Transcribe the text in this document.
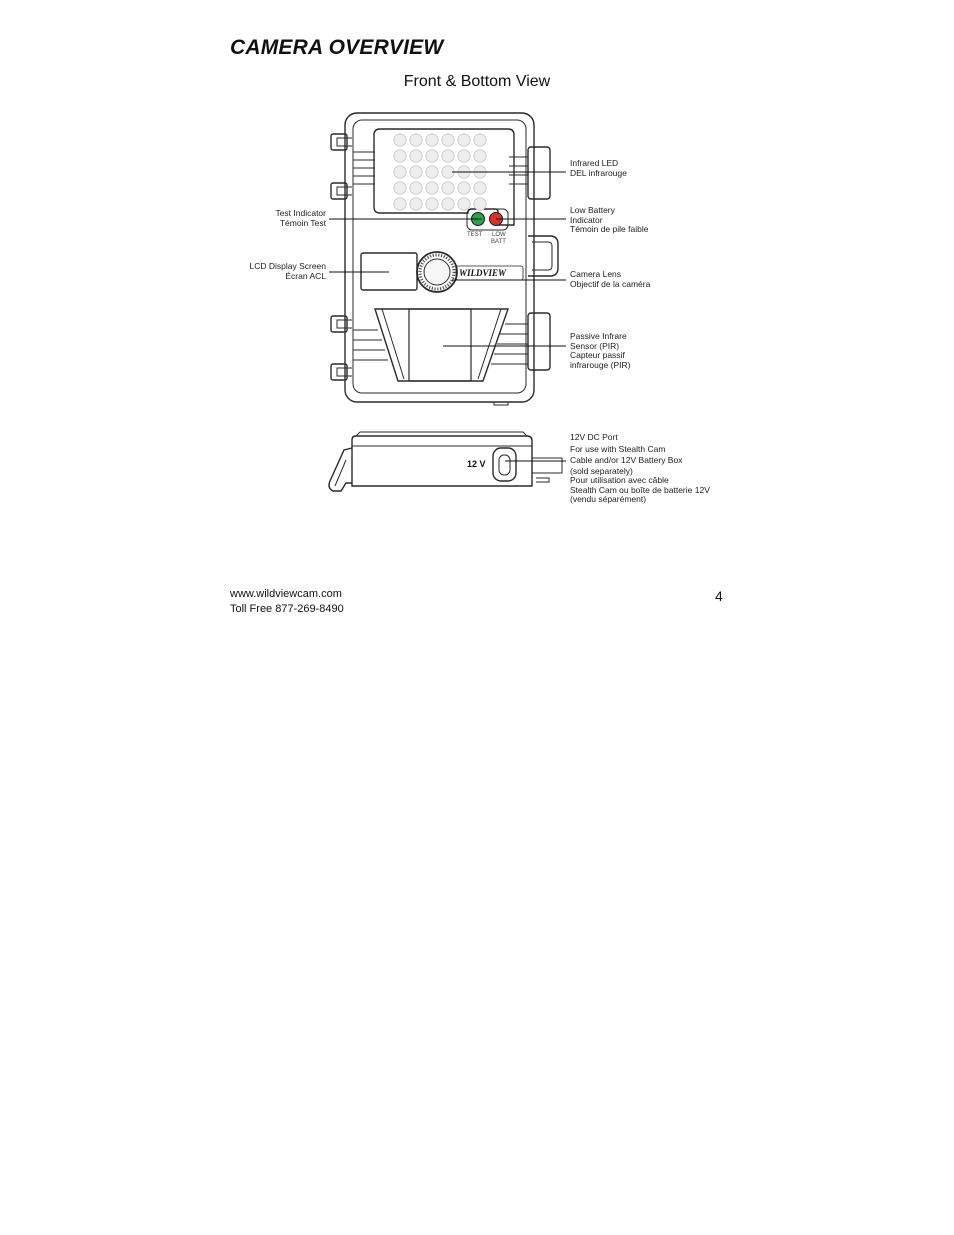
CAMERA OVERVIEW
Front & Bottom View
TEST LOW
BATT
WILDVIEW
12 V
Infrared LED
DEL infrarouge
Low Battery
Indicator
Témoin de pile faible
Test Indicator
Témoin Test
LCD Display Screen
Écran ACL	Camera Lens
Objectif de la caméra
Passive Infrare
Sensor (PIR)
Capteur passif
infrarouge (PIR)
12V DC Port
For use with Stealth Cam
Cable and/or 12V Battery Box
(sold separately)
Pour utilisation avec câble
Stealth Cam ou boîte de batterie 12V
(vendu séparément)
www.wildviewcam.com
Toll Free 877-269-8490
4
